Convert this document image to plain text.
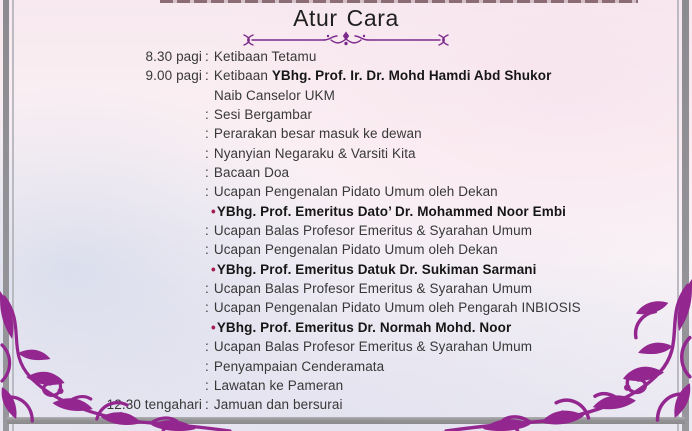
Atur Cara
8.30 pagi : Ketibaan Tetamu
9.00 pagi : Ketibaan YBhg. Prof. Ir. Dr. Mohd Hamdi Abd Shukor
Naib Canselor UKM
: Sesi Bergambar
: Perarakan besar masuk ke dewan
: Nyanyian Negaraku & Varsiti Kita
: Bacaan Doa
: Ucapan Pengenalan Pidato Umum oleh Dekan
•YBhg. Prof. Emeritus Dato’ Dr. Mohammed Noor Embi
: Ucapan Balas Profesor Emeritus & Syarahan Umum
: Ucapan Pengenalan Pidato Umum oleh Dekan
•YBhg. Prof. Emeritus Datuk Dr. Sukiman Sarmani
: Ucapan Balas Profesor Emeritus & Syarahan Umum
: Ucapan Pengenalan Pidato Umum oleh Pengarah INBIOSIS
•YBhg. Prof. Emeritus Dr. Normah Mohd. Noor
: Ucapan Balas Profesor Emeritus & Syarahan Umum
: Penyampaian Cenderamata
: Lawatan ke Pameran
12.30 tengahari : Jamuan dan bersurai
